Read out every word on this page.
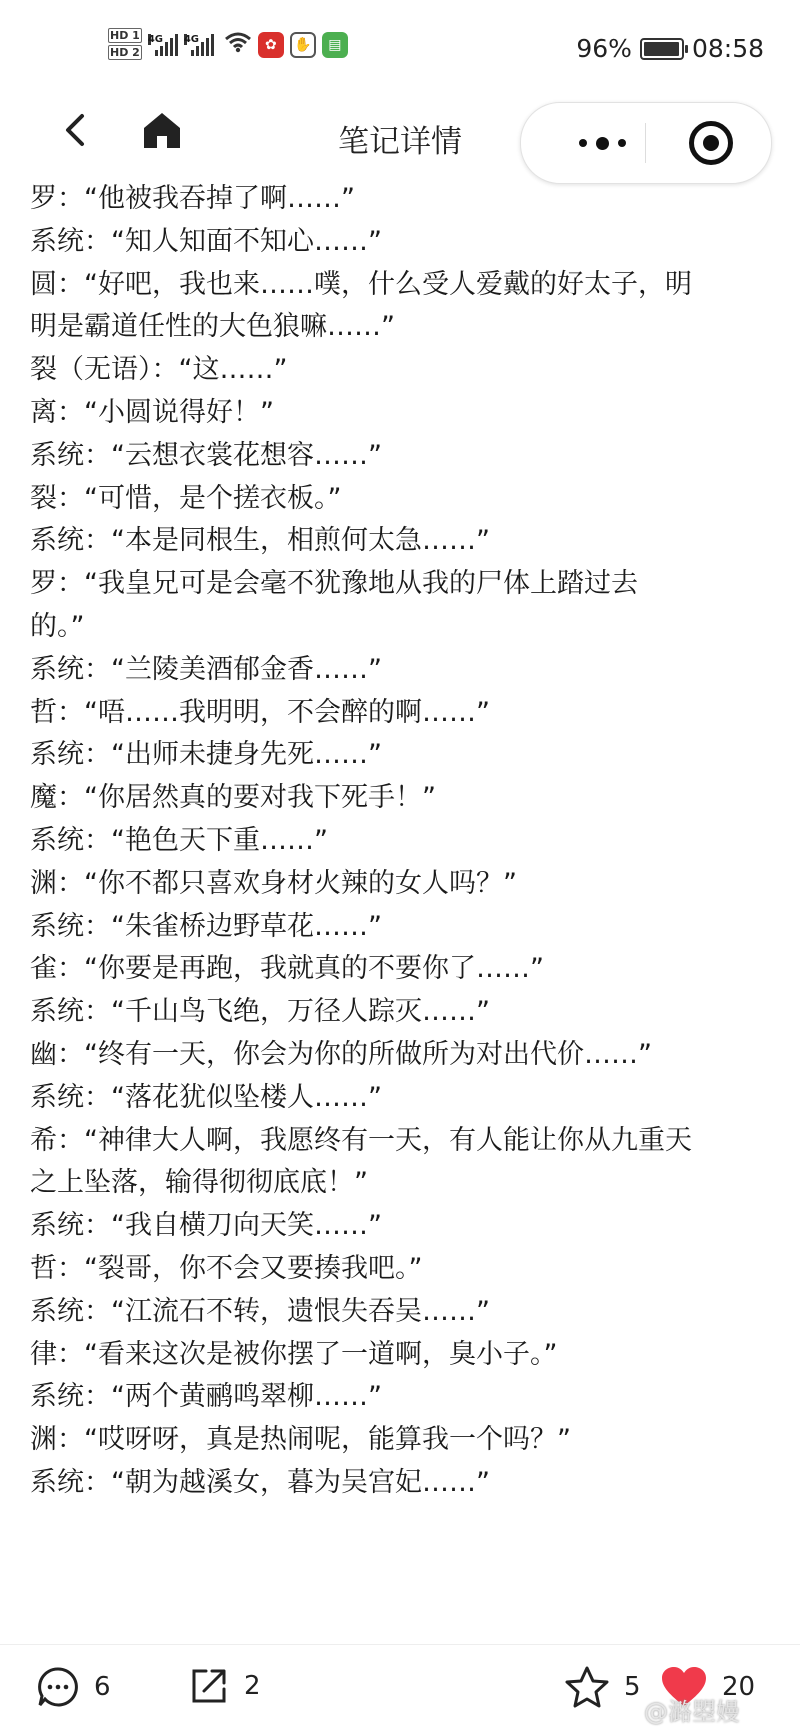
HD 1
HD 2
4G 4G	✿	✋	▤	96% 08:58
笔记详情

罗：“他被我吞掉了啊……”

系统：“知人知面不知心……”

圆：“好吧，我也来……噗，什么受人爱戴的好太子，明

明是霸道任性的大色狼嘛……”

裂（无语）：“这……”

离：“小圆说得好！”

系统：“云想衣裳花想容……”

裂：“可惜，是个搓衣板。”

系统：“本是同根生，相煎何太急……”

罗：“我皇兄可是会毫不犹豫地从我的尸体上踏过去

的。”

系统：“兰陵美酒郁金香……”

哲：“唔……我明明，不会醉的啊……”

系统：“出师未捷身先死……”

魔：“你居然真的要对我下死手！”

系统：“艳色天下重……”

渊：“你不都只喜欢身材火辣的女人吗？”

系统：“朱雀桥边野草花……”

雀：“你要是再跑，我就真的不要你了……”

系统：“千山鸟飞绝，万径人踪灭……”

幽：“终有一天，你会为你的所做所为对出代价……”

系统：“落花犹似坠楼人……”

希：“神律大人啊，我愿终有一天，有人能让你从九重天

之上坠落，输得彻彻底底！”

系统：“我自横刀向天笑……”

哲：“裂哥，你不会又要揍我吧。”

系统：“江流石不转，遗恨失吞吴……”

律：“看来这次是被你摆了一道啊，臭小子。”

系统：“两个黄鹂鸣翠柳……”

渊：“哎呀呀，真是热闹呢，能算我一个吗？”

系统：“朝为越溪女，暮为吴宫妃……”

6	2	5	20
@潞曌嫚
